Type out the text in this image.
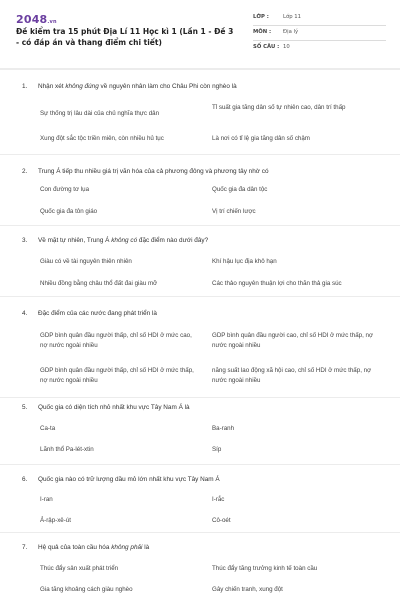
2048.vn
Đề kiểm tra 15 phút Địa Lí 11 Học kì 1 (Lần 1 - Đề 3 - có đáp án và thang điểm chi tiết)
LỚP :	Lớp 11
MÔN : Địa lý
SỐ CÂU : 10
1. Nhận xét không đúng về nguyên nhân làm cho Châu Phi còn nghèo là
Sự thống trị lâu dài của chủ nghĩa thực dân
Tỉ suất gia tăng dân số tự nhiên cao, dân trí thấp
Xung đột sắc tộc triền miên, còn nhiều hủ tục	Là nơi có tỉ lệ gia tăng dân số chậm
2. Trung Á tiếp thu nhiều giá trị văn hóa của cả phương đông và phương tây nhờ có
Con đường tơ lụa	Quốc gia đa dân tộc
Quốc gia đa tôn giáo	Vị trí chiến lược
3. Về mặt tự nhiên, Trung Á không có đặc điểm nào dưới đây?
Giàu có về tài nguyên thiên nhiên	Khí hậu lục địa khô hạn
Nhiều đồng bằng châu thổ đất đai giàu mỡ	Các thảo nguyên thuận lợi cho thăn thả gia súc
4. Đặc điểm của các nước đang phát triển là
GDP bình quân đầu người thấp, chỉ số HDI ở mức cao, nợ nước ngoài nhiều
GDP bình quân đầu người cao, chỉ số HDI ở mức thấp, nợ nước ngoài nhiều
GDP bình quân đầu người thấp, chỉ số HDI ở mức thấp, nợ nước ngoài nhiều
năng suất lao động xã hội cao, chỉ số HDI ở mức thấp, nợ nước ngoài nhiều
5. Quốc gia có diện tích nhỏ nhất khu vực Tây Nam Á là
Ca-ta	Ba-ranh
Lãnh thổ Pa-lét-xtin	Síp
6. Quốc gia nào có trữ lượng dầu mỏ lớn nhất khu vực Tây Nam Á
I-ran	I-rắc
Ả-rập-xê-út	Cô-oét
7. Hệ quả của toàn cầu hóa không phải là
Thúc đẩy sản xuất phát triển	Thúc đẩy tăng trưởng kinh tế toàn cầu
Gia tăng khoảng cách giàu nghèo	Gây chiến tranh, xung đột
